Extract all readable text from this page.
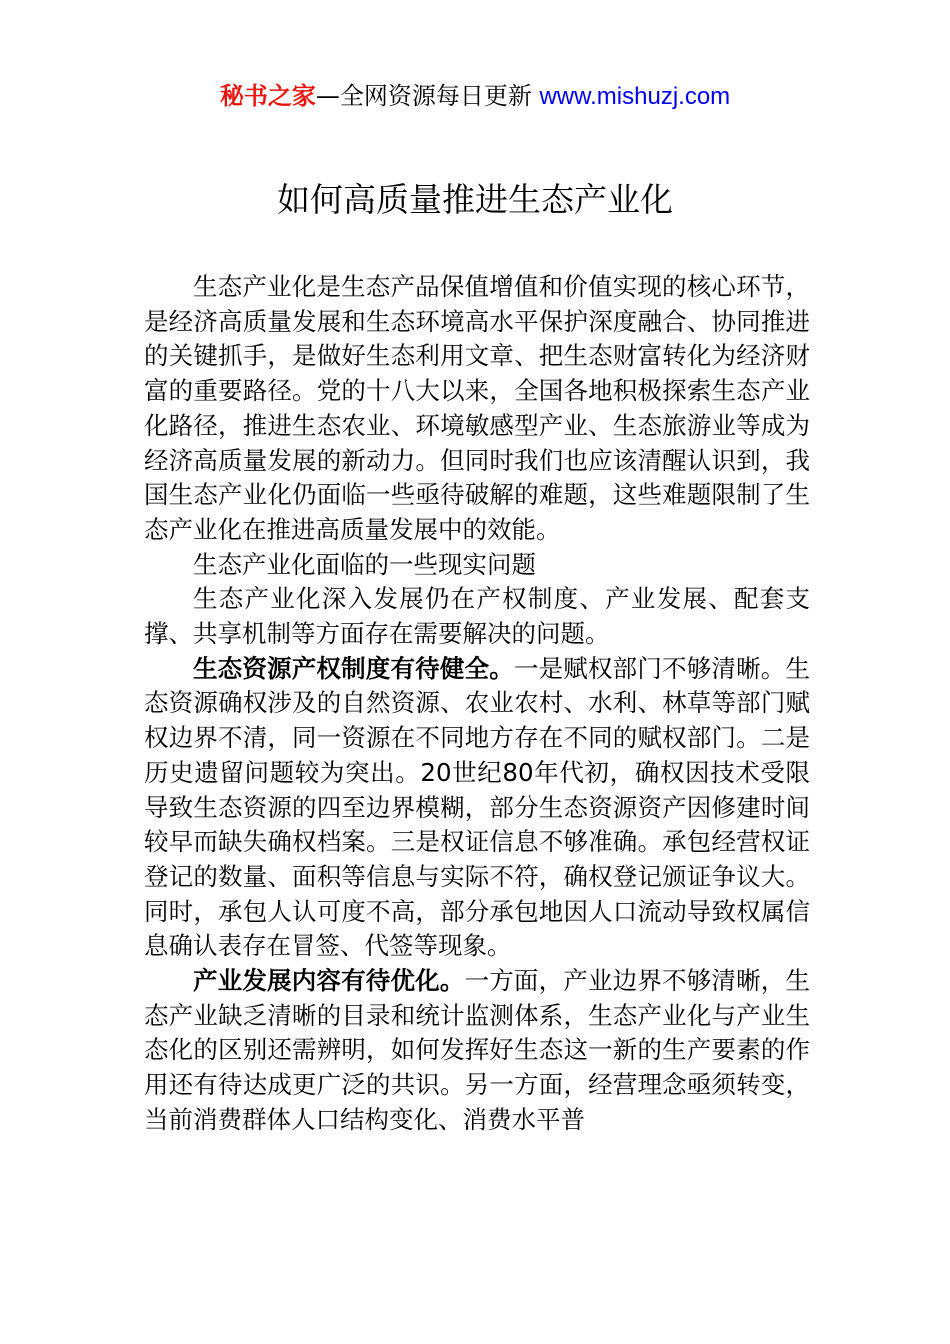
秘书之家—全网资源每日更新 www.mishuzj.com
如何高质量推进生态产业化

生态产业化是生态产品保值增值和价值实现的核心环节，是经济高质量发展和生态环境高水平保护深度融合、协同推进的关键抓手，是做好生态利用文章、把生态财富转化为经济财富的重要路径。党的十八大以来，全国各地积极探索生态产业化路径，推进生态农业、环境敏感型产业、生态旅游业等成为经济高质量发展的新动力。但同时我们也应该清醒认识到，我国生态产业化仍面临一些亟待破解的难题，这些难题限制了生态产业化在推进高质量发展中的效能。

生态产业化面临的一些现实问题

生态产业化深入发展仍在产权制度、产业发展、配套支撑、共享机制等方面存在需要解决的问题。

生态资源产权制度有待健全。一是赋权部门不够清晰。生态资源确权涉及的自然资源、农业农村、水利、林草等部门赋权边界不清，同一资源在不同地方存在不同的赋权部门。二是历史遗留问题较为突出。20世纪80年代初，确权因技术受限导致生态资源的四至边界模糊，部分生态资源资产因修建时间较早而缺失确权档案。三是权证信息不够准确。承包经营权证登记的数量、面积等信息与实际不符，确权登记颁证争议大。同时，承包人认可度不高，部分承包地因人口流动导致权属信息确认表存在冒签、代签等现象。

产业发展内容有待优化。一方面，产业边界不够清晰，生态产业缺乏清晰的目录和统计监测体系，生态产业化与产业生态化的区别还需辨明，如何发挥好生态这一新的生产要素的作用还有待达成更广泛的共识。另一方面，经营理念亟须转变，当前消费群体人口结构变化、消费水平普
